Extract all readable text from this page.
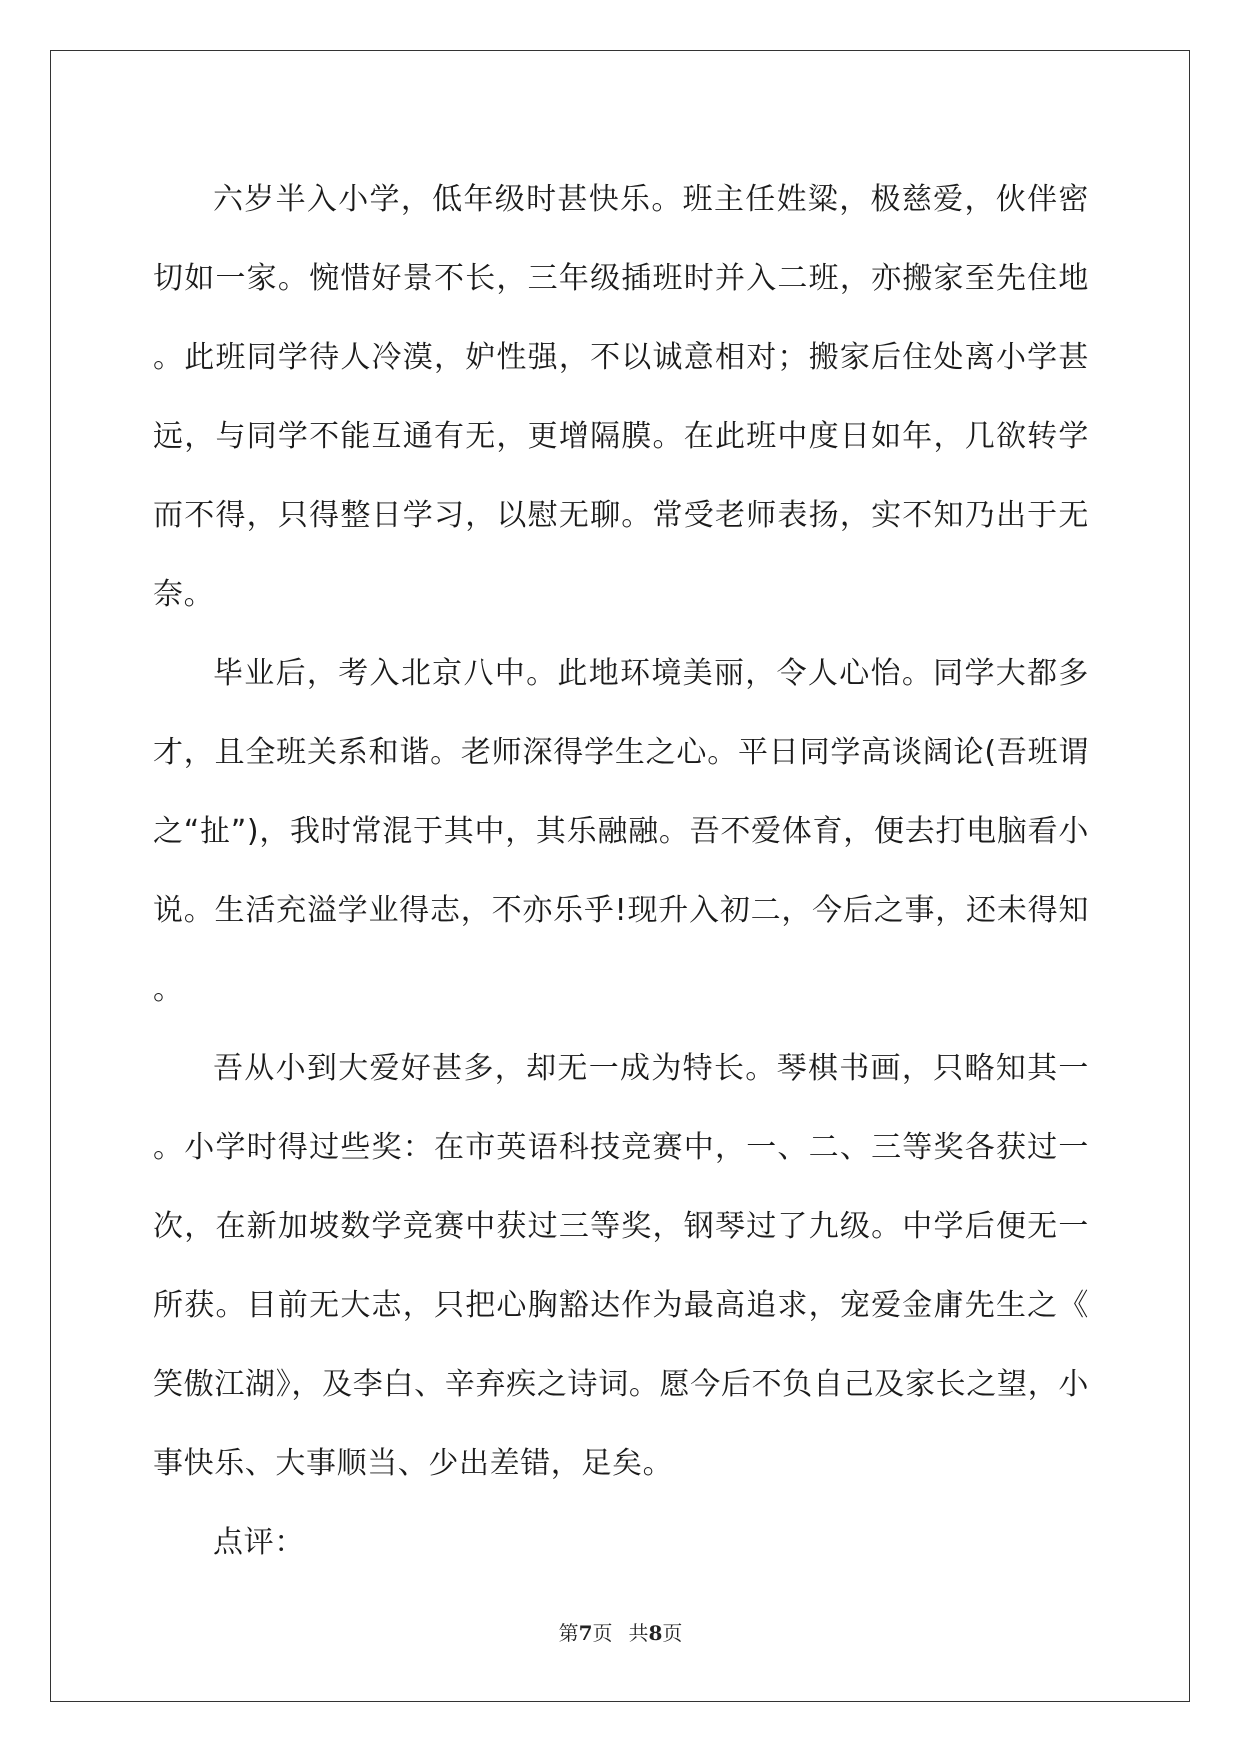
六岁半入小学，低年级时甚快乐。班主任姓粱，极慈爱，伙伴密切如一家。惋惜好景不长，三年级插班时并入二班，亦搬家至先住地。此班同学待人冷漠，妒性强，不以诚意相对；搬家后住处离小学甚远，与同学不能互通有无，更增隔膜。在此班中度日如年，几欲转学而不得，只得整日学习，以慰无聊。常受老师表扬，实不知乃出于无奈。

毕业后，考入北京八中。此地环境美丽，令人心怡。同学大都多才，且全班关系和谐。老师深得学生之心。平日同学高谈阔论(吾班谓之“扯”)，我时常混于其中，其乐融融。吾不爱体育，便去打电脑看小说。生活充溢学业得志，不亦乐乎!现升入初二，今后之事，还未得知。

吾从小到大爱好甚多，却无一成为特长。琴棋书画，只略知其一。小学时得过些奖：在市英语科技竞赛中，一、二、三等奖各获过一次，在新加坡数学竞赛中获过三等奖，钢琴过了九级。中学后便无一所获。目前无大志，只把心胸豁达作为最高追求，宠爱金庸先生之《笑傲江湖》，及李白、辛弃疾之诗词。愿今后不负自己及家长之望，小事快乐、大事顺当、少出差错，足矣。

点评：

第7页 共8页
